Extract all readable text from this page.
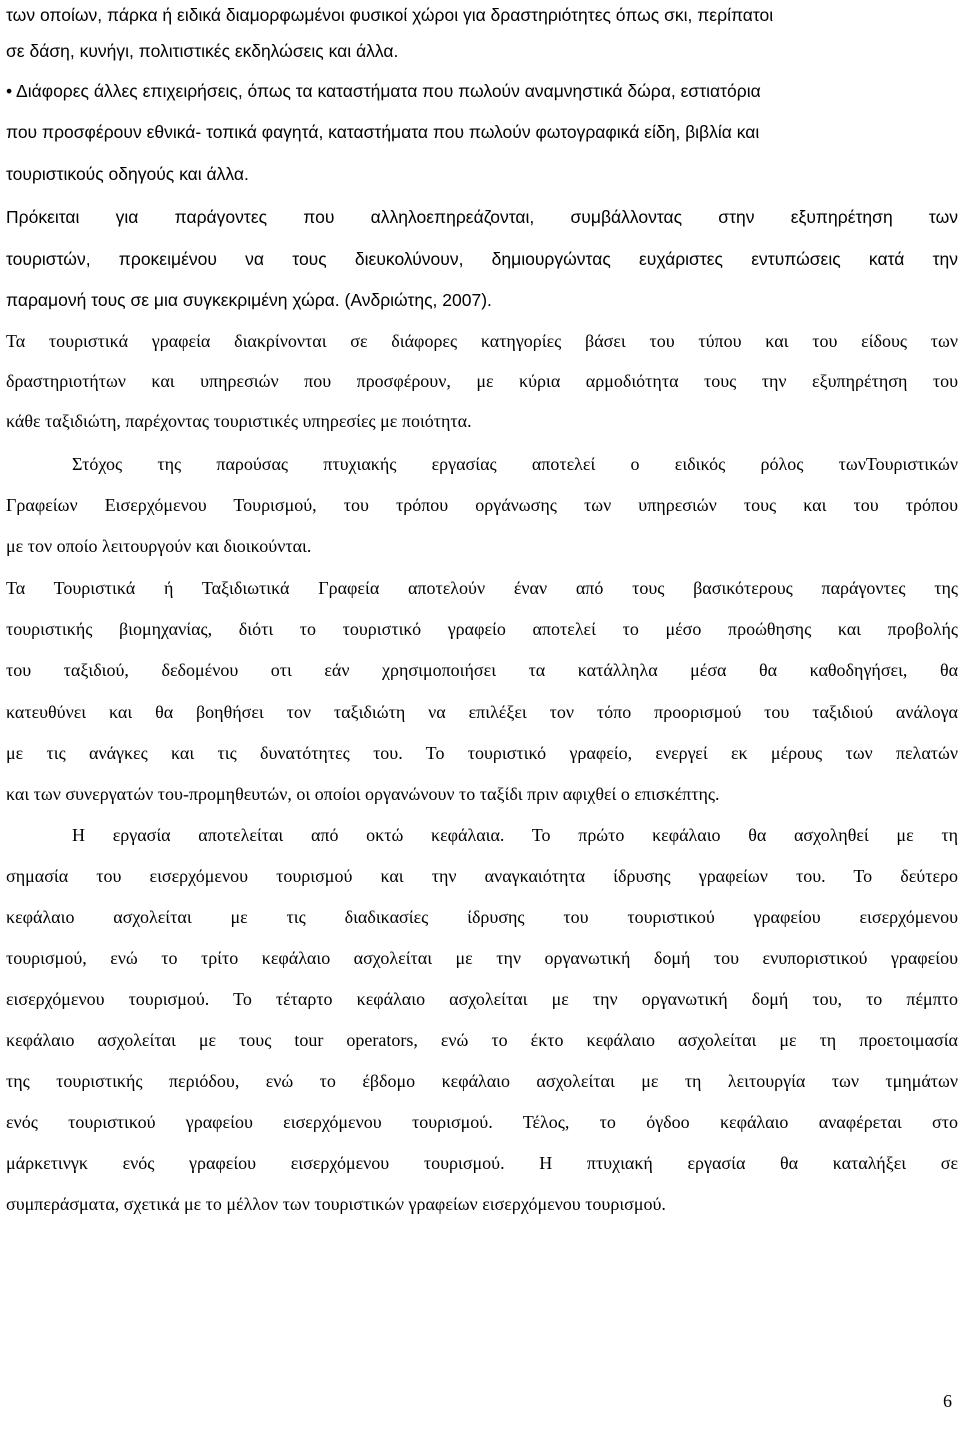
των οποίων, πάρκα ή ειδικά διαμορφωμένοι φυσικοί χώροι για δραστηριότητες όπως σκι, περίπατοι
σε δάση, κυνήγι, πολιτιστικές εκδηλώσεις και άλλα.
• Διάφορες άλλες επιχειρήσεις, όπως τα καταστήματα που πωλούν αναμνηστικά δώρα, εστιατόρια
που προσφέρουν εθνικά- τοπικά φαγητά, καταστήματα που πωλούν φωτογραφικά είδη, βιβλία και
τουριστικούς οδηγούς και άλλα.
Πρόκειται για παράγοντες που αλληλοεπηρεάζονται, συμβάλλοντας στην εξυπηρέτηση των
τουριστών, προκειμένου να τους διευκολύνουν, δημιουργώντας ευχάριστες εντυπώσεις κατά την
παραμονή τους σε μια συγκεκριμένη χώρα. (Ανδριώτης, 2007).
Τα τουριστικά γραφεία διακρίνονται σε διάφορες κατηγορίες βάσει του τύπου και του είδους των
δραστηριοτήτων και υπηρεσιών που προσφέρουν, με κύρια αρμοδιότητα τους την εξυπηρέτηση του
κάθε ταξιδιώτη, παρέχοντας τουριστικές υπηρεσίες με ποιότητα.
Στόχος της παρούσας πτυχιακής εργασίας αποτελεί ο ειδικός ρόλος τωνΤουριστικών
Γραφείων Εισερχόμενου Τουρισμού, του τρόπου οργάνωσης των υπηρεσιών τους και του τρόπου
με τον οποίο λειτουργούν και διοικούνται.
Τα Τουριστικά ή Ταξιδιωτικά Γραφεία αποτελούν έναν από τους βασικότερους παράγοντες της
τουριστικής βιομηχανίας, διότι το τουριστικό γραφείο αποτελεί το μέσο προώθησης και προβολής
του ταξιδιού, δεδομένου οτι εάν χρησιμοποιήσει τα κατάλληλα μέσα θα καθοδηγήσει, θα
κατευθύνει και θα βοηθήσει τον ταξιδιώτη να επιλέξει τον τόπο προορισμού του ταξιδιού ανάλογα
με τις ανάγκες και τις δυνατότητες του. Το τουριστικό γραφείο, ενεργεί εκ μέρους των πελατών
και των συνεργατών του-προμηθευτών, οι οποίοι οργανώνουν το ταξίδι πριν αφιχθεί ο επισκέπτης.
Η εργασία αποτελείται από οκτώ κεφάλαια. Το πρώτο κεφάλαιο θα ασχοληθεί με τη
σημασία του εισερχόμενου τουρισμού και την αναγκαιότητα ίδρυσης γραφείων του. Το δεύτερο
κεφάλαιο ασχολείται με τις διαδικασίες ίδρυσης του τουριστικού γραφείου εισερχόμενου
τουρισμού, ενώ το τρίτο κεφάλαιο ασχολείται με την οργανωτική δομή του ενυποριστικού γραφείου
εισερχόμενου τουρισμού. Το τέταρτο κεφάλαιο ασχολείται με την οργανωτική δομή του, το πέμπτο
κεφάλαιο ασχολείται με τους tour operators, ενώ το έκτο κεφάλαιο ασχολείται με τη προετοιμασία
της τουριστικής περιόδου, ενώ το έβδομο κεφάλαιο ασχολείται με τη λειτουργία των τμημάτων
ενός τουριστικού γραφείου εισερχόμενου τουρισμού. Τέλος, το όγδοο κεφάλαιο αναφέρεται στο
μάρκετινγκ ενός γραφείου εισερχόμενου τουρισμού. Η πτυχιακή εργασία θα καταλήξει σε
συμπεράσματα, σχετικά με το μέλλον των τουριστικών γραφείων εισερχόμενου τουρισμού.
6
